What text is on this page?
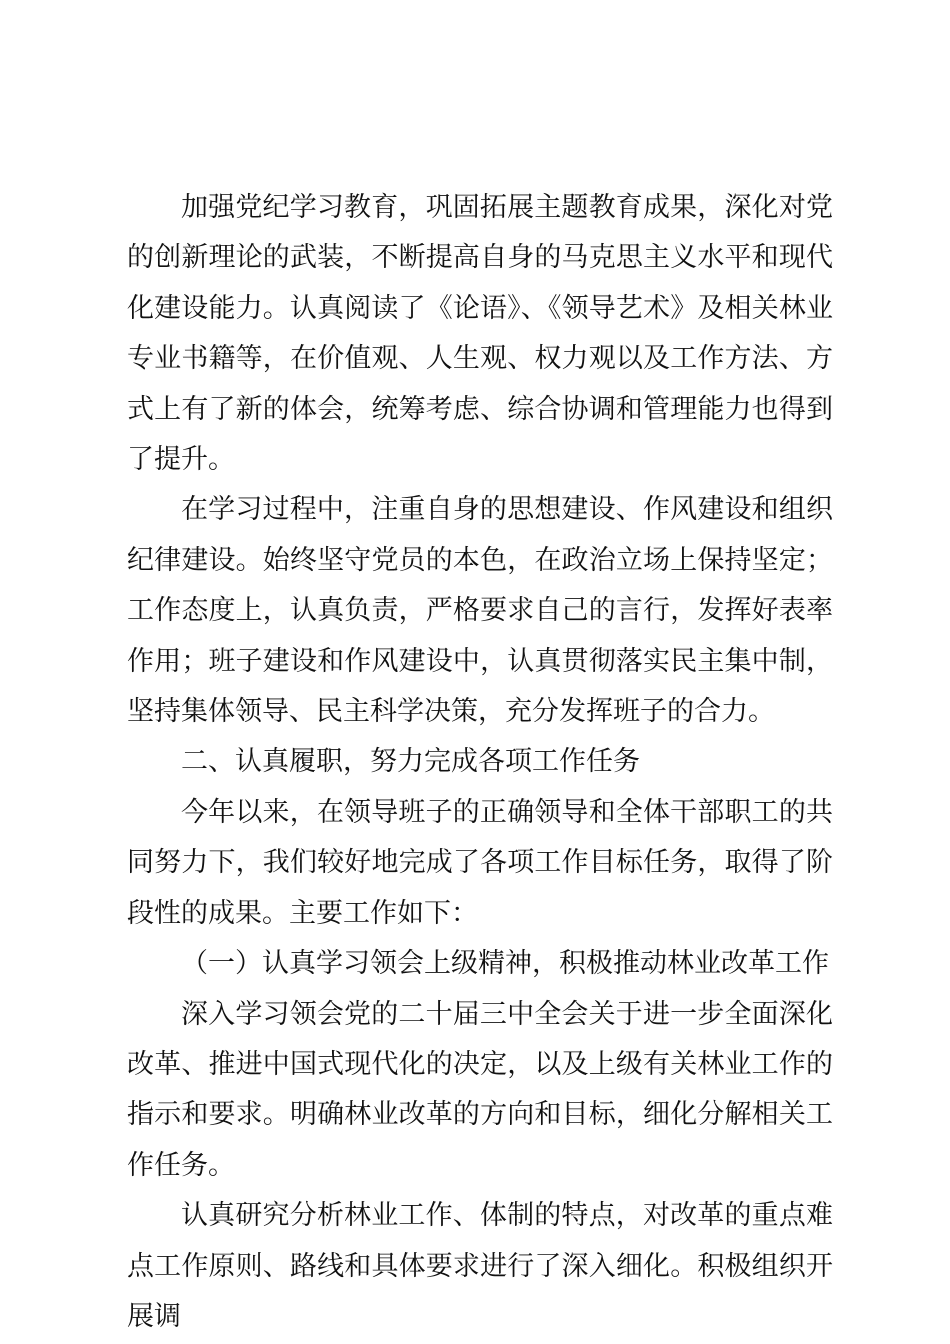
加强党纪学习教育，巩固拓展主题教育成果，深化对党的创新理论的武装，不断提高自身的马克思主义水平和现代化建设能力。认真阅读了《论语》、《领导艺术》及相关林业专业书籍等，在价值观、人生观、权力观以及工作方法、方式上有了新的体会，统筹考虑、综合协调和管理能力也得到了提升。

在学习过程中，注重自身的思想建设、作风建设和组织纪律建设。始终坚守党员的本色，在政治立场上保持坚定；工作态度上，认真负责，严格要求自己的言行，发挥好表率作用；班子建设和作风建设中，认真贯彻落实民主集中制，坚持集体领导、民主科学决策，充分发挥班子的合力。

二、认真履职，努力完成各项工作任务

今年以来，在领导班子的正确领导和全体干部职工的共同努力下，我们较好地完成了各项工作目标任务，取得了阶段性的成果。主要工作如下：

（一）认真学习领会上级精神，积极推动林业改革工作

深入学习领会党的二十届三中全会关于进一步全面深化改革、推进中国式现代化的决定，以及上级有关林业工作的指示和要求。明确林业改革的方向和目标，细化分解相关工作任务。

认真研究分析林业工作、体制的特点，对改革的重点难点工作原则、路线和具体要求进行了深入细化。积极组织开展调
